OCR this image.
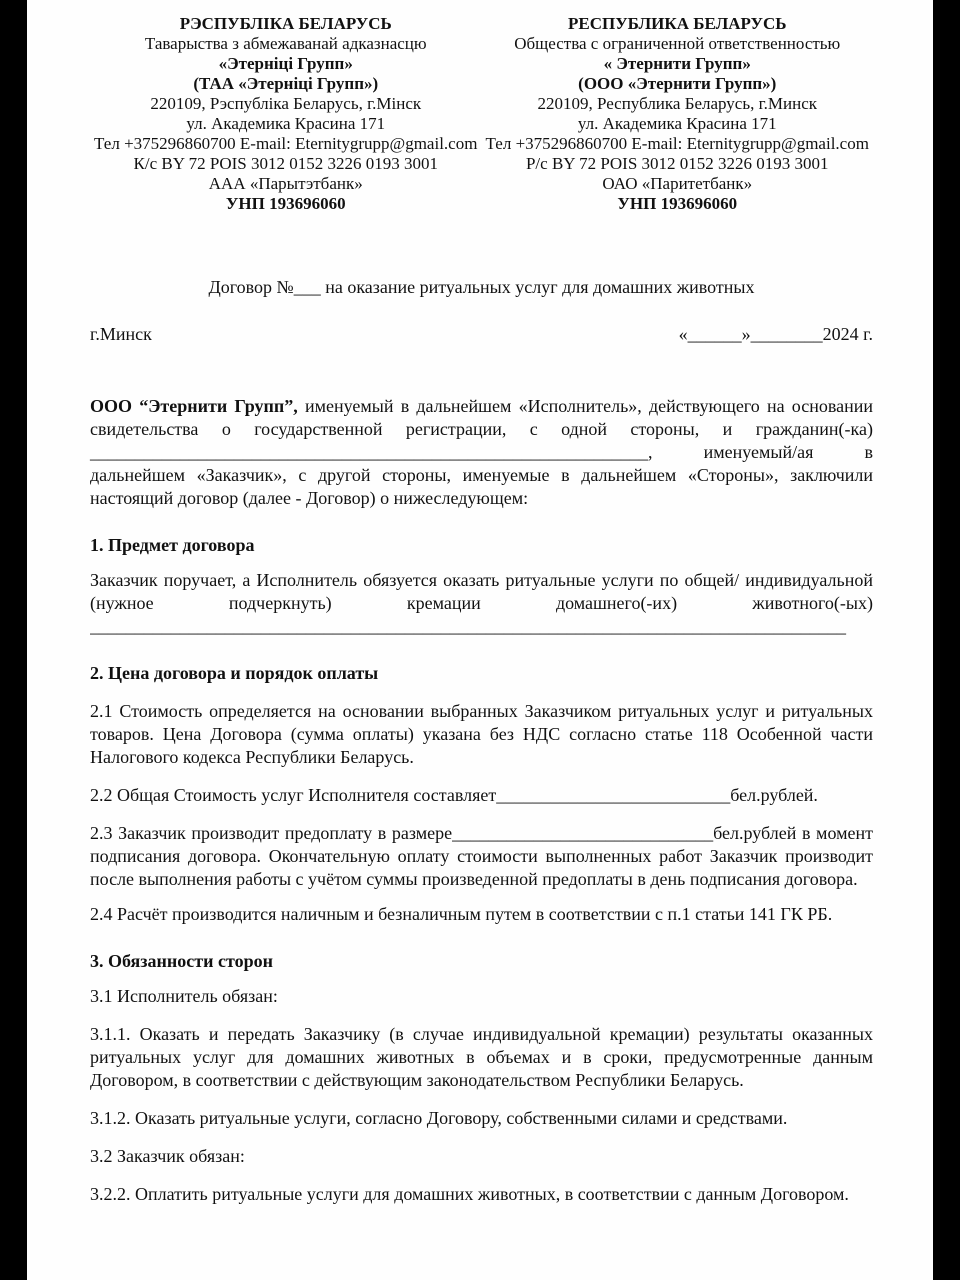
РЭСПУБЛІКА БЕЛАРУСЬ
Таварыства з абмежаванай адказнасцю
«Этерніці Групп»
(ТАА «Этерніці Групп»)
220109, Рэспубліка Беларусь, г.Мінск
ул. Академика Красина 171
Тел +375296860700 E-mail: Eternitygrupp@gmail.com
К/с BY 72 POIS 3012 0152 3226 0193 3001
ААА «Парытэтбанк»
УНП 193696060
РЕСПУБЛИКА БЕЛАРУСЬ
Общества с ограниченной ответственностью
« Этернити Групп»
(ООО «Этернити Групп»)
220109, Республика Беларусь, г.Минск
ул. Академика Красина 171
Тел +375296860700 E-mail: Eternitygrupp@gmail.com
Р/с BY 72 POIS 3012 0152 3226 0193 3001
ОАО «Паритетбанк»
УНП 193696060
Договор №___ на оказание ритуальных услуг для домашних животных
г.Минск	«______»________2024 г.

ООО “Этернити Групп”, именуемый в дальнейшем «Исполнитель», действующего на основании свидетельства о государственной регистрации, с одной стороны, и гражданин(-ка) ______________________________________________________________, именуемый/ая в дальнейшем «Заказчик», с другой стороны, именуемые в дальнейшем «Стороны», заключили настоящий договор (далее - Договор) о нижеследующем:

1. Предмет договора

Заказчик поручает, а Исполнитель обязуется оказать ритуальные услуги по общей/ индивидуальной (нужное подчеркнуть) кремации домашнего(-их) животного(-ых)

____________________________________________________________________________________
2. Цена договора и порядок оплаты

2.1 Стоимость определяется на основании выбранных Заказчиком ритуальных услуг и ритуальных товаров. Цена Договора (сумма оплаты) указана без НДС согласно статье 118 Особенной части Налогового кодекса Республики Беларусь.

2.2 Общая Стоимость услуг Исполнителя составляет__________________________бел.рублей.

2.3 Заказчик производит предоплату в размере_____________________________бел.рублей в момент подписания договора. Окончательную оплату стоимости выполненных работ Заказчик производит после выполнения работы с учётом суммы произведенной предоплаты в день подписания договора.

2.4 Расчёт производится наличным и безналичным путем в соответствии с п.1 статьи 141 ГК РБ.

3. Обязанности сторон

3.1 Исполнитель обязан:

3.1.1. Оказать и передать Заказчику (в случае индивидуальной кремации) результаты оказанных ритуальных услуг для домашних животных в объемах и в сроки, предусмотренные данным Договором, в соответствии с действующим законодательством Республики Беларусь.

3.1.2. Оказать ритуальные услуги, согласно Договору, собственными силами и средствами.

3.2 Заказчик обязан:

3.2.2. Оплатить ритуальные услуги для домашних животных, в соответствии с данным Договором.
